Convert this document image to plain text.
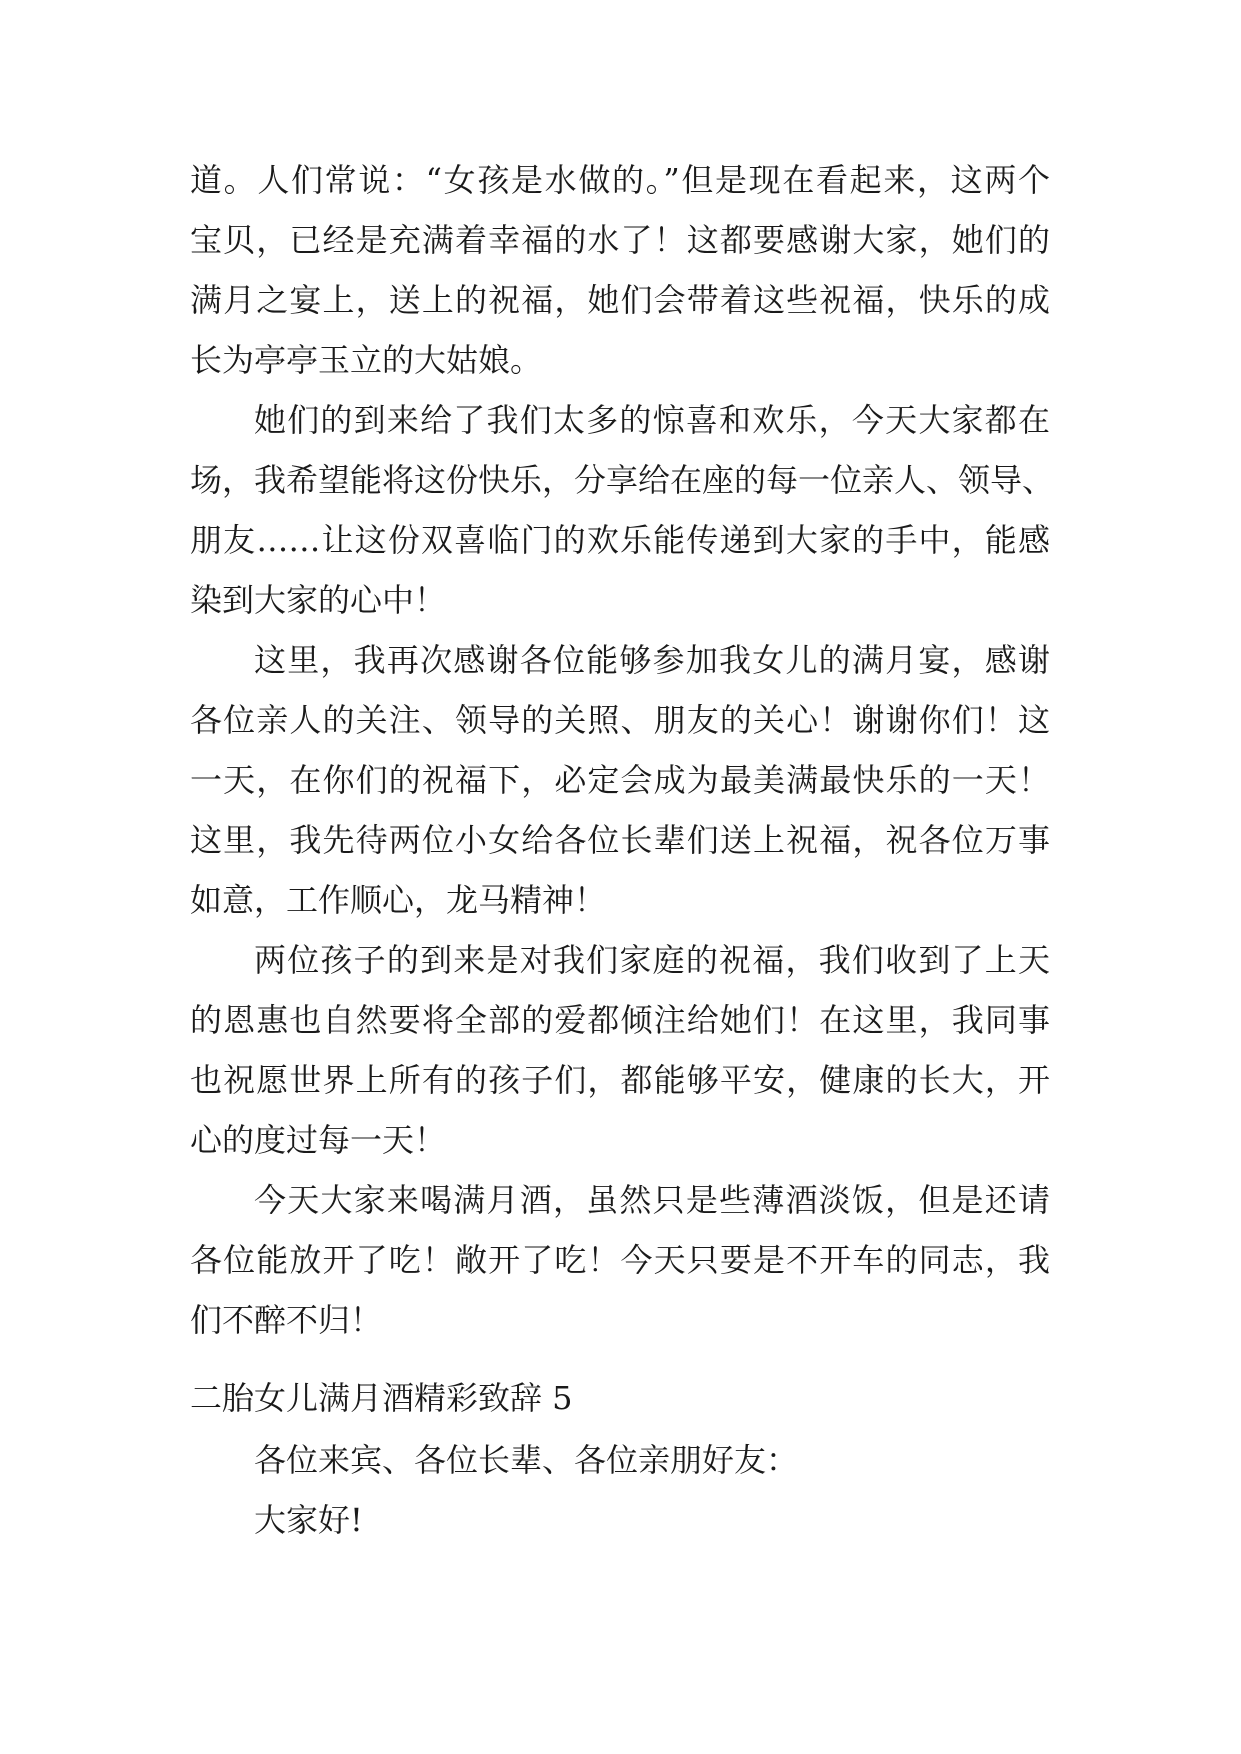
道。人们常说：“女孩是水做的。”但是现在看起来，这两个
宝贝，已经是充满着幸福的水了！这都要感谢大家，她们的
满月之宴上，送上的祝福，她们会带着这些祝福，快乐的成
长为亭亭玉立的大姑娘。
她们的到来给了我们太多的惊喜和欢乐，今天大家都在
场，我希望能将这份快乐，分享给在座的每一位亲人、领导、
朋友……让这份双喜临门的欢乐能传递到大家的手中，能感
染到大家的心中！
这里，我再次感谢各位能够参加我女儿的满月宴，感谢
各位亲人的关注、领导的关照、朋友的关心！谢谢你们！这
一天，在你们的祝福下，必定会成为最美满最快乐的一天！
这里，我先待两位小女给各位长辈们送上祝福，祝各位万事
如意，工作顺心，龙马精神！
两位孩子的到来是对我们家庭的祝福，我们收到了上天
的恩惠也自然要将全部的爱都倾注给她们！在这里，我同事
也祝愿世界上所有的孩子们，都能够平安，健康的长大，开
心的度过每一天！
今天大家来喝满月酒，虽然只是些薄酒淡饭，但是还请
各位能放开了吃！敞开了吃！今天只要是不开车的同志，我
们不醉不归！
二胎女儿满月酒精彩致辞 5
各位来宾、各位长辈、各位亲朋好友：
大家好!
